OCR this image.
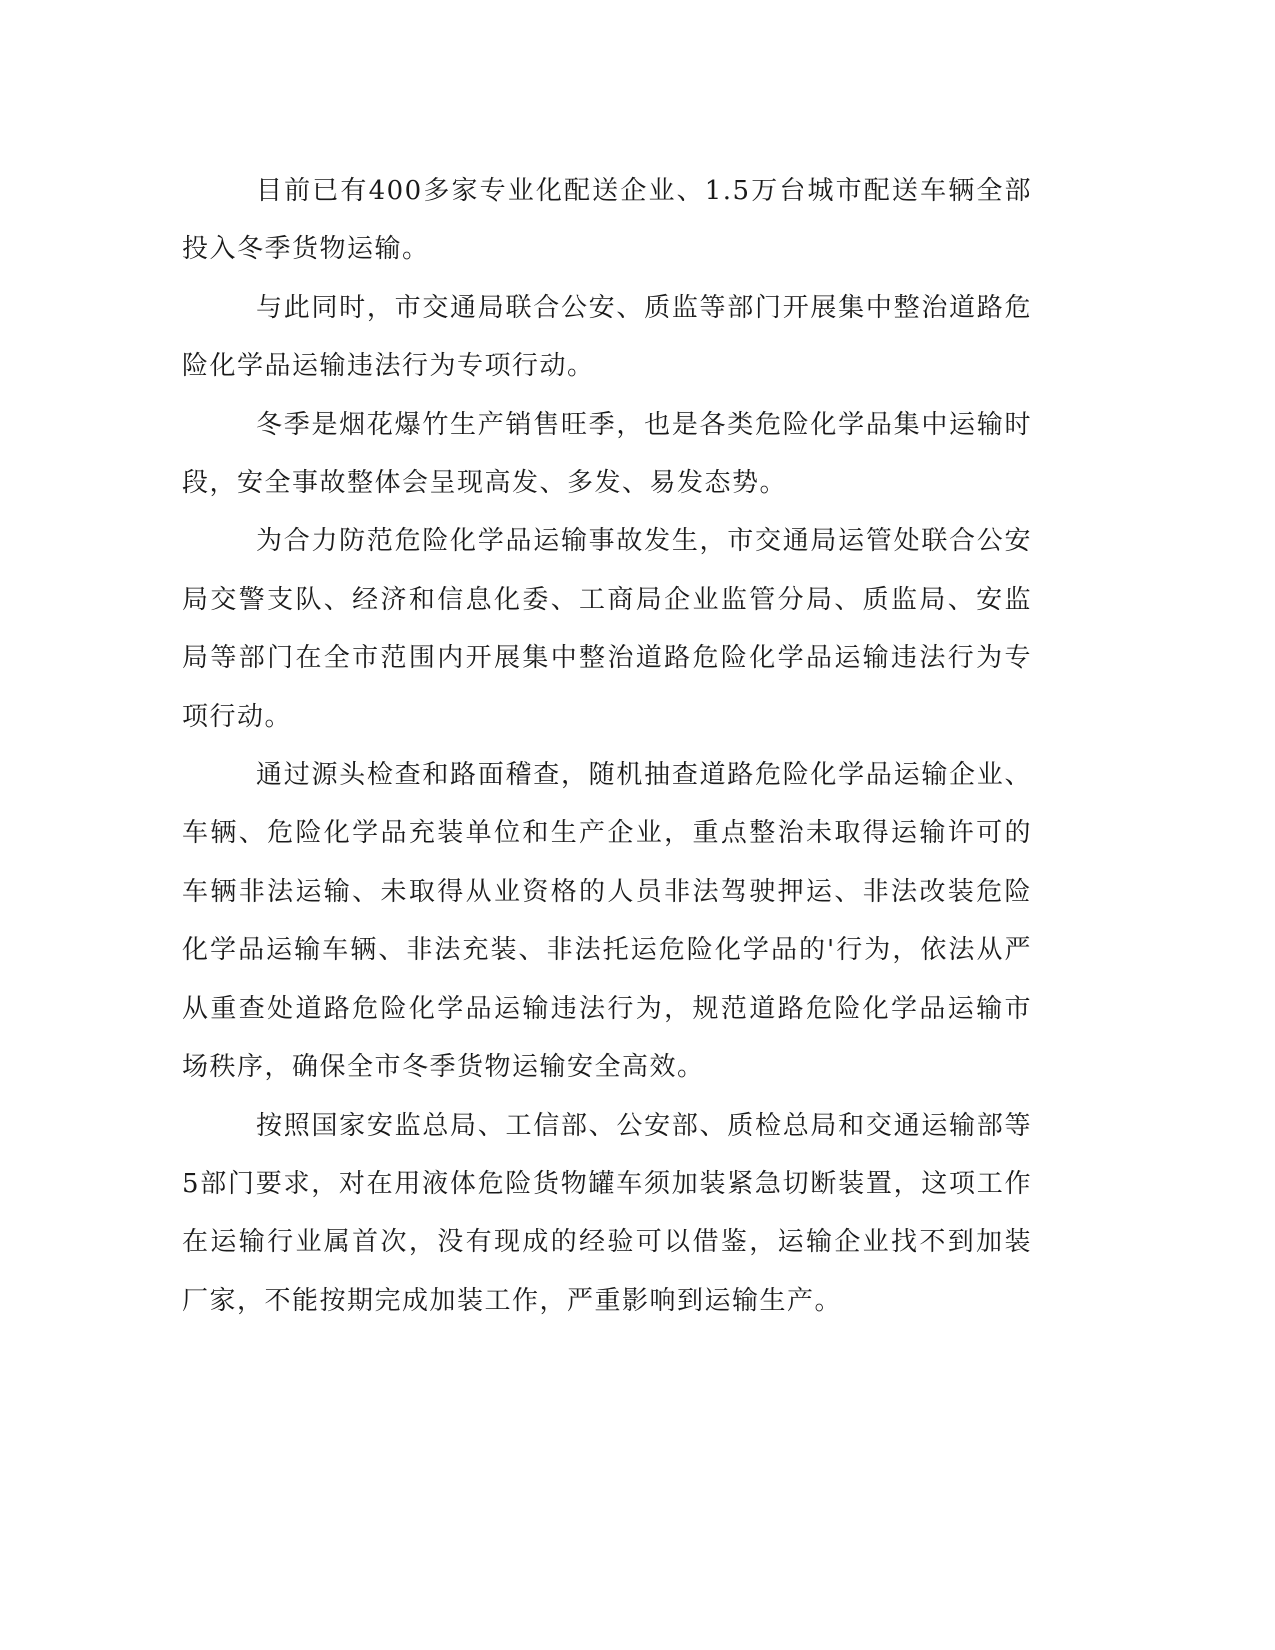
目前已有400多家专业化配送企业、1.5万台城市配送车辆全部投入冬季货物运输。

与此同时，市交通局联合公安、质监等部门开展集中整治道路危险化学品运输违法行为专项行动。

冬季是烟花爆竹生产销售旺季，也是各类危险化学品集中运输时段，安全事故整体会呈现高发、多发、易发态势。

为合力防范危险化学品运输事故发生，市交通局运管处联合公安局交警支队、经济和信息化委、工商局企业监管分局、质监局、安监局等部门在全市范围内开展集中整治道路危险化学品运输违法行为专项行动。

通过源头检查和路面稽查，随机抽查道路危险化学品运输企业、车辆、危险化学品充装单位和生产企业，重点整治未取得运输许可的车辆非法运输、未取得从业资格的人员非法驾驶押运、非法改装危险化学品运输车辆、非法充装、非法托运危险化学品的'行为，依法从严从重查处道路危险化学品运输违法行为，规范道路危险化学品运输市场秩序，确保全市冬季货物运输安全高效。

按照国家安监总局、工信部、公安部、质检总局和交通运输部等5部门要求，对在用液体危险货物罐车须加装紧急切断装置，这项工作在运输行业属首次，没有现成的经验可以借鉴，运输企业找不到加装厂家，不能按期完成加装工作，严重影响到运输生产。
